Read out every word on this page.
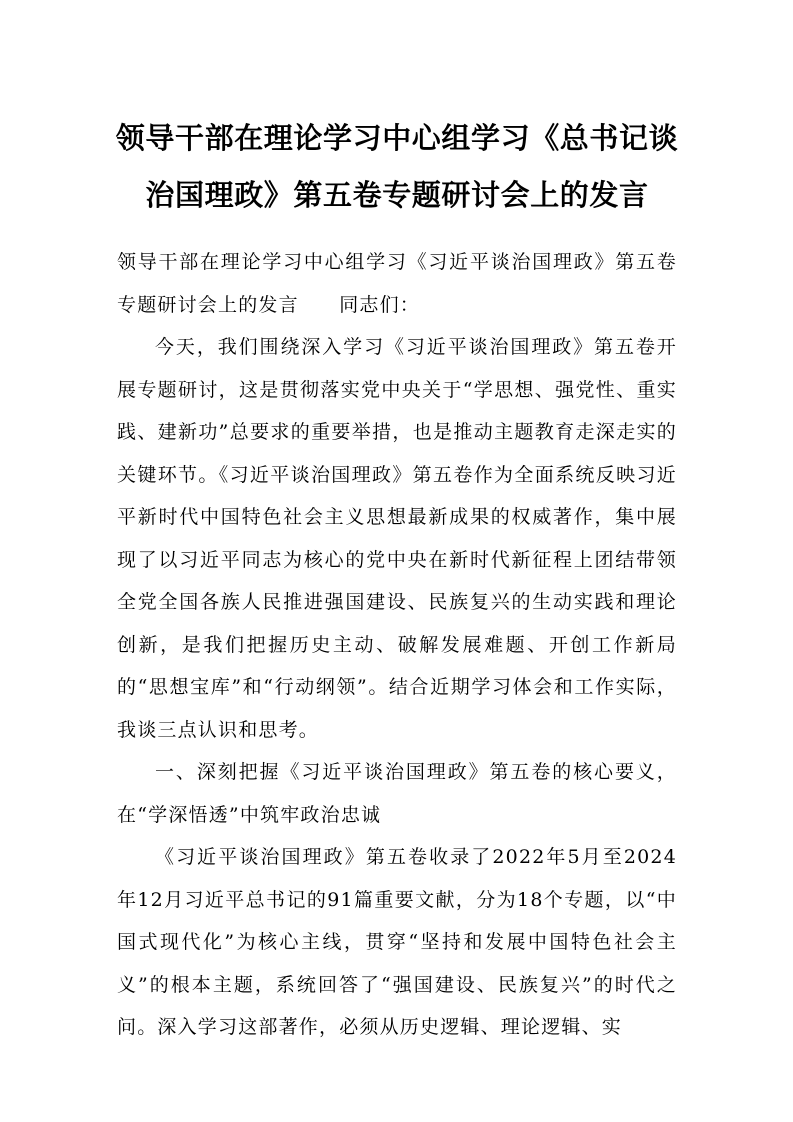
领导干部在理论学习中心组学习《总书记谈治国理政》第五卷专题研讨会上的发言

领导干部在理论学习中心组学习《习近平谈治国理政》第五卷专题研讨会上的发言　　同志们：

今天，我们围绕深入学习《习近平谈治国理政》第五卷开展专题研讨，这是贯彻落实党中央关于“学思想、强党性、重实践、建新功”总要求的重要举措，也是推动主题教育走深走实的关键环节。《习近平谈治国理政》第五卷作为全面系统反映习近平新时代中国特色社会主义思想最新成果的权威著作，集中展现了以习近平同志为核心的党中央在新时代新征程上团结带领全党全国各族人民推进强国建设、民族复兴的生动实践和理论创新，是我们把握历史主动、破解发展难题、开创工作新局的“思想宝库”和“行动纲领”。结合近期学习体会和工作实际，我谈三点认识和思考。

一、深刻把握《习近平谈治国理政》第五卷的核心要义，在“学深悟透”中筑牢政治忠诚

《习近平谈治国理政》第五卷收录了2022年5月至2024年12月习近平总书记的91篇重要文献，分为18个专题，以“中国式现代化”为核心主线，贯穿“坚持和发展中国特色社会主义”的根本主题，系统回答了“强国建设、民族复兴”的时代之问。深入学习这部著作，必须从历史逻辑、理论逻辑、实
